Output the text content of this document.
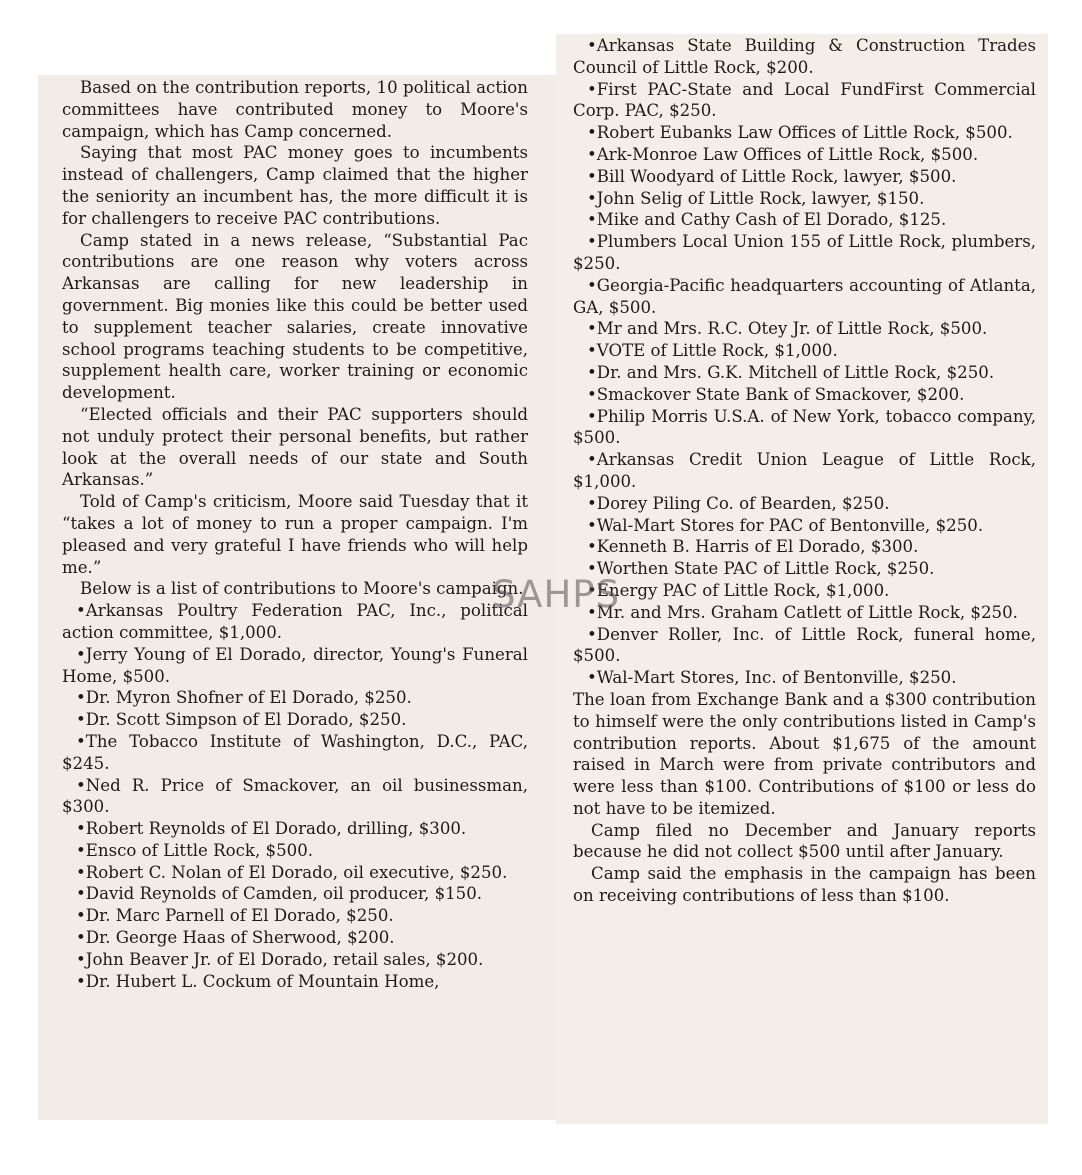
Based on the contribution reports, 10 political action committees have contributed money to Moore's campaign, which has Camp concerned.

Saying that most PAC money goes to incumbents instead of challengers, Camp claimed that the higher the seniority an incumbent has, the more difficult it is for challengers to receive PAC contributions.

Camp stated in a news release, “Substantial Pac contributions are one reason why voters across Arkansas are calling for new leadership in government. Big monies like this could be better used to supplement teacher salaries, create innovative school programs teaching students to be competitive, supplement health care, worker training or economic development.

“Elected officials and their PAC supporters should not unduly protect their personal benefits, but rather look at the overall needs of our state and South Arkansas.”

Told of Camp's criticism, Moore said Tuesday that it “takes a lot of money to run a proper campaign. I'm pleased and very grateful I have friends who will help me.”

Below is a list of contributions to Moore's campaign.

•Arkansas Poultry Federation PAC, Inc., political action committee, $1,000.

•Jerry Young of El Dorado, director, Young's Funeral Home, $500.

•Dr. Myron Shofner of El Dorado, $250.

•Dr. Scott Simpson of El Dorado, $250.

•The Tobacco Institute of Washington, D.C., PAC, $245.

•Ned R. Price of Smackover, an oil businessman, $300.

•Robert Reynolds of El Dorado, drilling, $300.

•Ensco of Little Rock, $500.

•Robert C. Nolan of El Dorado, oil executive, $250.

•David Reynolds of Camden, oil producer, $150.

•Dr. Marc Parnell of El Dorado, $250.

•Dr. George Haas of Sherwood, $200.

•John Beaver Jr. of El Dorado, retail sales, $200.

•Dr. Hubert L. Cockum of Mountain Home,

•Arkansas State Building & Construction Trades Council of Little Rock, $200.

•First PAC-State and Local FundFirst Commercial Corp. PAC, $250.

•Robert Eubanks Law Offices of Little Rock, $500.

•Ark-Monroe Law Offices of Little Rock, $500.

•Bill Woodyard of Little Rock, lawyer, $500.

•John Selig of Little Rock, lawyer, $150.

•Mike and Cathy Cash of El Dorado, $125.

•Plumbers Local Union 155 of Little Rock, plumbers, $250.

•Georgia-Pacific headquarters accounting of Atlanta, GA, $500.

•Mr and Mrs. R.C. Otey Jr. of Little Rock, $500.

•VOTE of Little Rock, $1,000.

•Dr. and Mrs. G.K. Mitchell of Little Rock, $250.

•Smackover State Bank of Smackover, $200.

•Philip Morris U.S.A. of New York, tobacco company, $500.

•Arkansas Credit Union League of Little Rock, $1,000.

•Dorey Piling Co. of Bearden, $250.

•Wal-Mart Stores for PAC of Bentonville, $250.

•Kenneth B. Harris of El Dorado, $300.

•Worthen State PAC of Little Rock, $250.

•Energy PAC of Little Rock, $1,000.

•Mr. and Mrs. Graham Catlett of Little Rock, $250.

•Denver Roller, Inc. of Little Rock, funeral home, $500.

•Wal-Mart Stores, Inc. of Bentonville, $250.

The loan from Exchange Bank and a $300 contribution to himself were the only contributions listed in Camp's contribution reports. About $1,675 of the amount raised in March were from private contributors and were less than $100. Contributions of $100 or less do not have to be itemized.

Camp filed no December and January reports because he did not collect $500 until after January.

Camp said the emphasis in the campaign has been on receiving contributions of less than $100.

SAHPS
